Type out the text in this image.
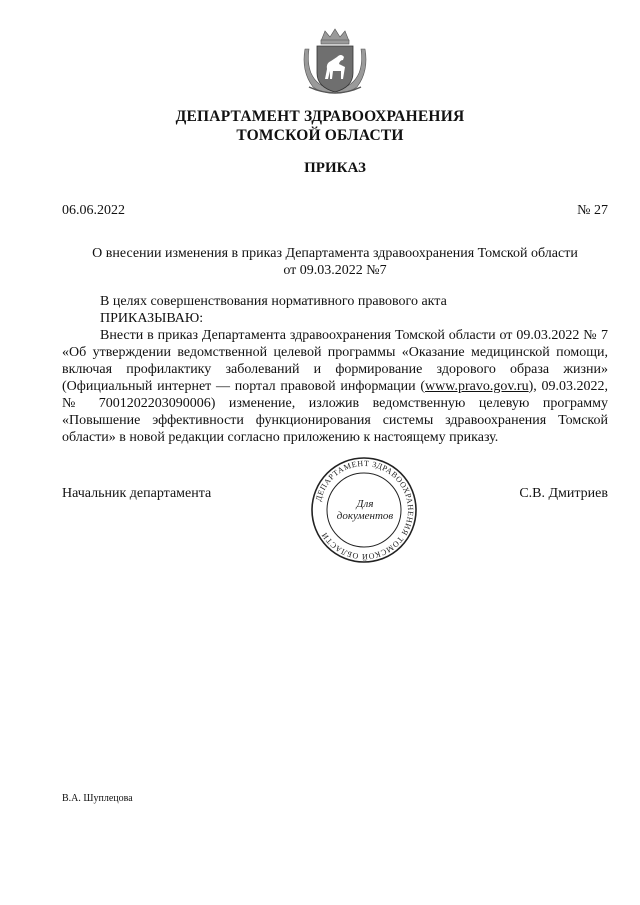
ДЕПАРТАМЕНТ ЗДРАВООХРАНЕНИЯ
ТОМСКОЙ ОБЛАСТИ
ПРИКАЗ
06.06.2022	№ 27
О внесении изменения в приказ Департамента здравоохранения Томской области
от 09.03.2022 №7

В целях совершенствования нормативного правового акта

ПРИКАЗЫВАЮ:

Внести в приказ Департамента здравоохранения Томской области от 09.03.2022 № 7 «Об утверждении ведомственной целевой программы «Оказание медицинской помощи, включая профилактику заболеваний и формирование здорового образа жизни» (Официальный интернет — портал правовой информации (www.pravo.gov.ru), 09.03.2022, № 7001202203090006) изменение, изложив ведомственную целевую программу «Повышение эффективности функционирования системы здравоохранения Томской области» в новой редакции согласно приложению к настоящему приказу.

Начальник департамента	ДЕПАРТАМЕНТ ЗДРАВООХРАНЕНИЯ ТОМСКОЙ ОБЛАСТИ
Для
документов
С.В. Дмитриев
В.А. Шуплецова
